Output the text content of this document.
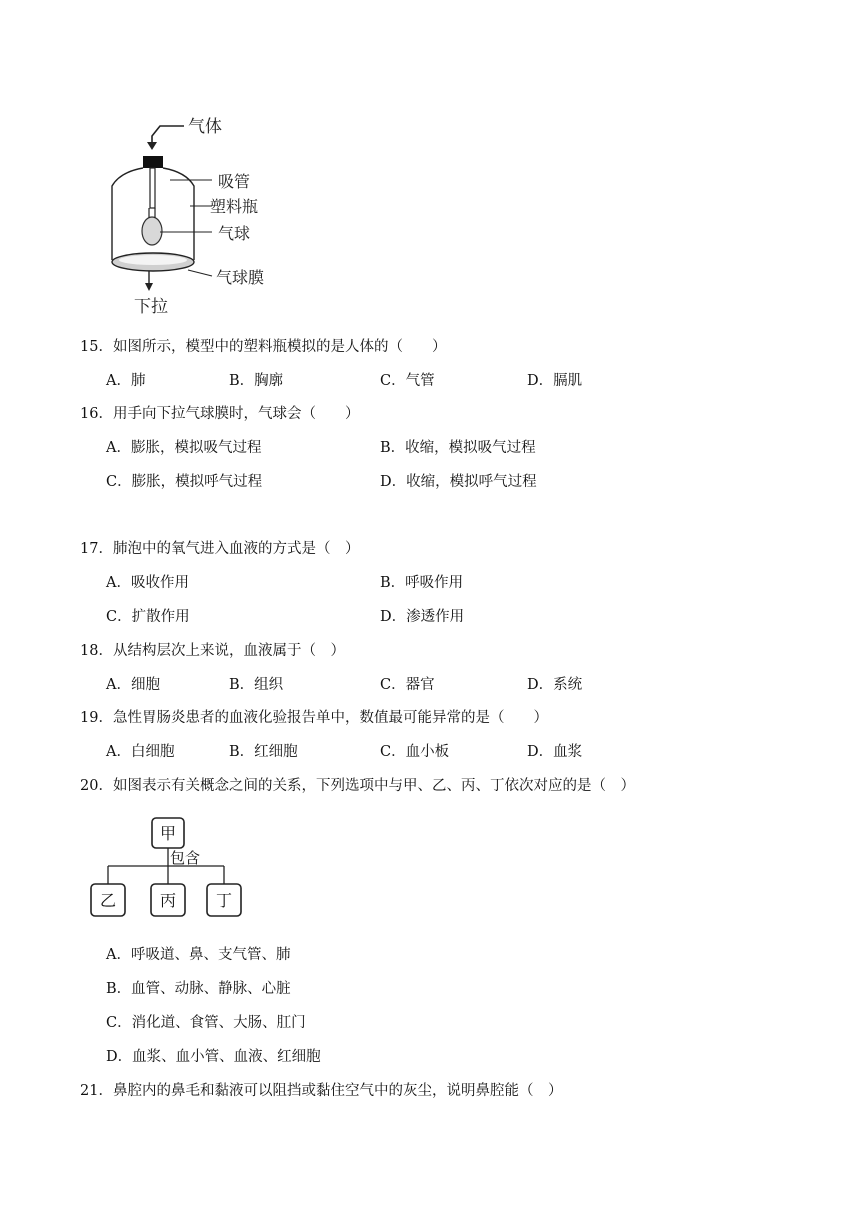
气体
吸管
塑料瓶
气球
气球膜
下拉
15．如图所示，模型中的塑料瓶模拟的是人体的（　　）
A．肺	B．胸廓	C．气管	D．膈肌
16．用手向下拉气球膜时，气球会（　　）
A．膨胀，模拟吸气过程	B．收缩，模拟吸气过程
C．膨胀，模拟呼气过程	D．收缩，模拟呼气过程
17．肺泡中的氧气进入血液的方式是（　）
A．吸收作用	B．呼吸作用
C．扩散作用	D．渗透作用
18．从结构层次上来说，血液属于（　）
A．细胞	B．组织	C．器官	D．系统
19．急性胃肠炎患者的血液化验报告单中，数值最可能异常的是（　　）
A．白细胞	B．红细胞	C．血小板	D．血浆
20．如图表示有关概念之间的关系，下列选项中与甲、乙、丙、丁依次对应的是（　）
甲
包含
乙	丙 丁
A．呼吸道、鼻、支气管、肺
B．血管、动脉、静脉、心脏
C．消化道、食管、大肠、肛门
D．血浆、血小管、血液、红细胞
21．鼻腔内的鼻毛和黏液可以阻挡或黏住空气中的灰尘，说明鼻腔能（　）
